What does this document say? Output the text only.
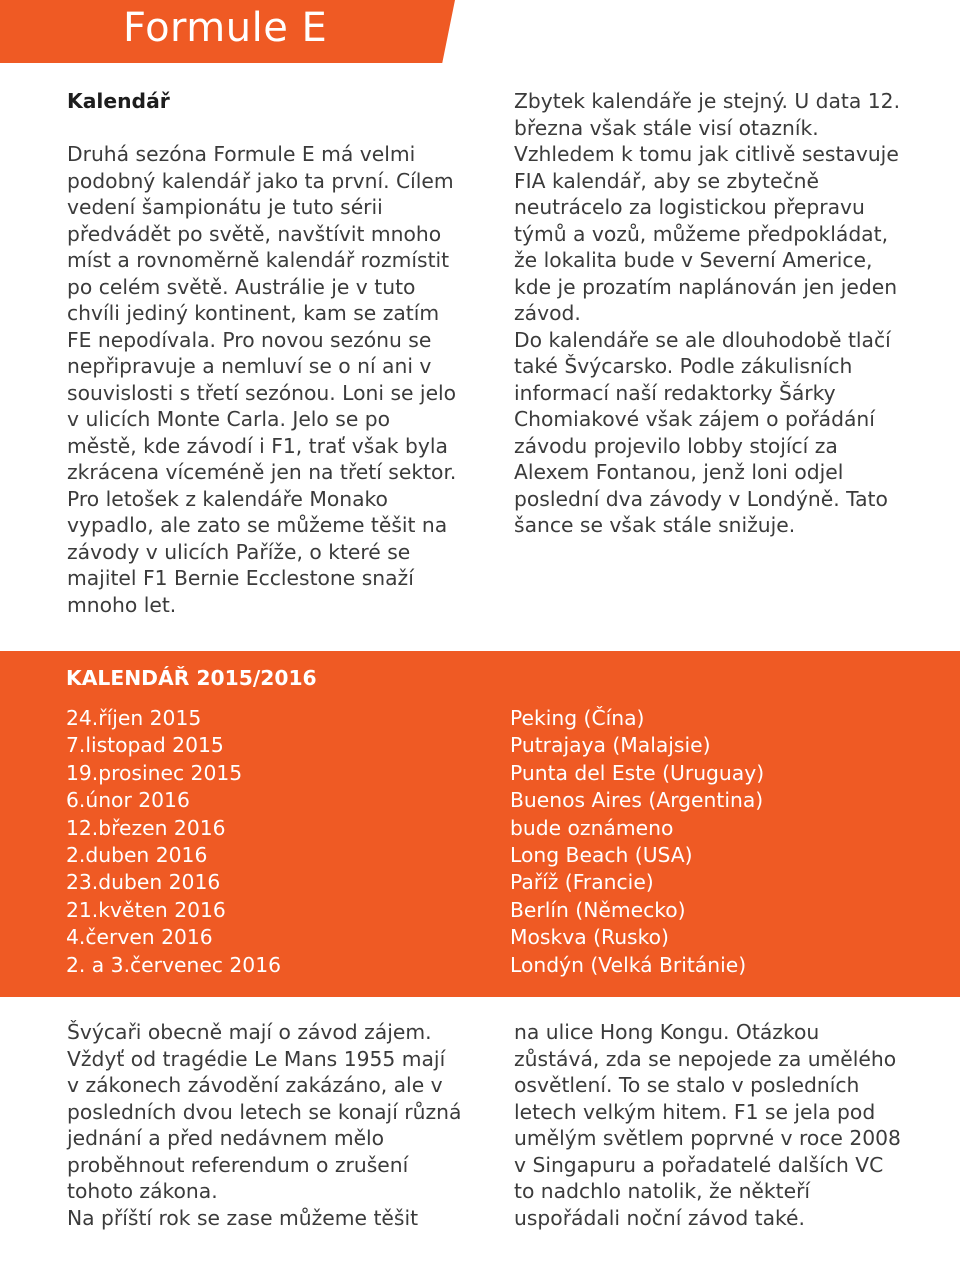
Formule E
Kalendář

Druhá sezóna Formule E má velmi podobný kalendář jako ta první. Cílem vedení šampionátu je tuto sérii předvádět po světě, navštívit mnoho míst a rovnoměrně kalendář rozmístit po celém světě. Austrálie je v tuto chvíli jediný kontinent, kam se zatím FE nepodívala. Pro novou sezónu se nepřipravuje a nemluví se o ní ani v souvislosti s třetí sezónou. Loni se jelo v ulicích Monte Carla. Jelo se po městě, kde závodí i F1, trať však byla zkrácena víceméně jen na třetí sektor. Pro letošek z kalendáře Monako vypadlo, ale zato se můžeme těšit na závody v ulicích Paříže, o které se majitel F1 Bernie Ecclestone snaží mnoho let.

Zbytek kalendáře je stejný. U data 12. března však stále visí otazník. Vzhledem k tomu jak citlivě sestavuje FIA kalendář, aby se zbytečně neutrácelo za logistickou přepravu týmů a vozů, můžeme předpokládat, že lokalita bude v Severní Americe, kde je prozatím naplánován jen jeden závod.

Do kalendáře se ale dlouhodobě tlačí také Švýcarsko. Podle zákulisních informací naší redaktorky Šárky Chomiakové však zájem o pořádání závodu projevilo lobby stojící za Alexem Fontanou, jenž loni odjel poslední dva závody v Londýně. Tato šance se však stále snižuje.

KALENDÁŘ 2015/2016
24.říjen 2015
7.listopad 2015
19.prosinec 2015
6.únor 2016
12.březen 2016
2.duben 2016
23.duben 2016
21.květen 2016
4.červen 2016
2. a 3.červenec 2016
Peking (Čína)
Putrajaya (Malajsie)
Punta del Este (Uruguay)
Buenos Aires (Argentina)
bude oznámeno
Long Beach (USA)
Paříž (Francie)
Berlín (Německo)
Moskva (Rusko)
Londýn (Velká Británie)

Švýcaři obecně mají o závod zájem. Vždyť od tragédie Le Mans 1955 mají v zákonech závodění zakázáno, ale v posledních dvou letech se konají různá jednání a před nedávnem mělo proběhnout referendum o zrušení tohoto zákona.

Na příští rok se zase můžeme těšit

na ulice Hong Kongu. Otázkou zůstává, zda se nepojede za umělého osvětlení. To se stalo v posledních letech velkým hitem. F1 se jela pod umělým světlem poprvné v roce 2008 v Singapuru a pořadatelé dalších VC to nadchlo natolik, že někteří uspořádali noční závod také.
